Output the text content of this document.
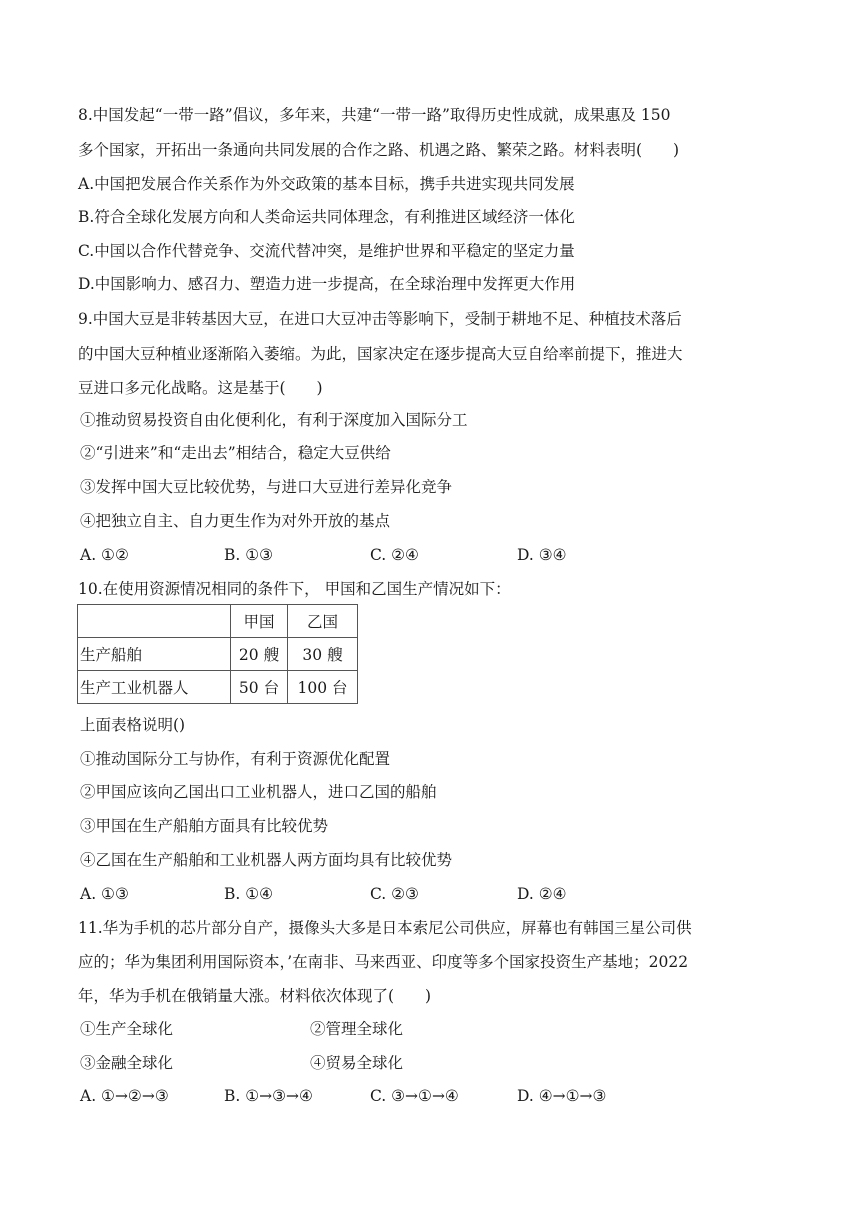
8.中国发起“一带一路”倡议，多年来，共建“一带一路”取得历史性成就，成果惠及 150
多个国家，开拓出一条通向共同发展的合作之路、机遇之路、繁荣之路。材料表明(　　)
A.中国把发展合作关系作为外交政策的基本目标，携手共进实现共同发展
B.符合全球化发展方向和人类命运共同体理念，有利推进区域经济一体化
C.中国以合作代替竞争、交流代替冲突，是维护世界和平稳定的坚定力量
D.中国影响力、感召力、塑造力进一步提高，在全球治理中发挥更大作用
9.中国大豆是非转基因大豆，在进口大豆冲击等影响下，受制于耕地不足、种植技术落后
的中国大豆种植业逐渐陷入萎缩。为此，国家决定在逐步提高大豆自给率前提下，推进大
豆进口多元化战略。这是基于(　　)
①推动贸易投资自由化便利化，有利于深度加入国际分工
②“引进来”和“走出去”相结合，稳定大豆供给
③发挥中国大豆比较优势，与进口大豆进行差异化竞争
④把独立自主、自力更生作为对外开放的基点
A. ①②	B. ①③	C. ②④	D. ③④
10.在使用资源情况相同的条件下， 甲国和乙国生产情况如下：
	甲国	乙国
生产船舶	20 艘	30 艘
生产工业机器人	50 台	100 台
上面表格说明()
①推动国际分工与协作，有利于资源优化配置
②甲国应该向乙国出口工业机器人，进口乙国的船舶
③甲国在生产船舶方面具有比较优势
④乙国在生产船舶和工业机器人两方面均具有比较优势
A. ①③	B. ①④	C. ②③	D. ②④
11.华为手机的芯片部分自产，摄像头大多是日本索尼公司供应，屏幕也有韩国三星公司供
应的；华为集团利用国际资本，’在南非、马来西亚、印度等多个国家投资生产基地；2022
年，华为手机在俄销量大涨。材料依次体现了(　　)
①生产全球化	②管理全球化
③金融全球化	④贸易全球化
A. ①→②→③	B. ①→③→④	C. ③→①→④	D. ④→①→③
